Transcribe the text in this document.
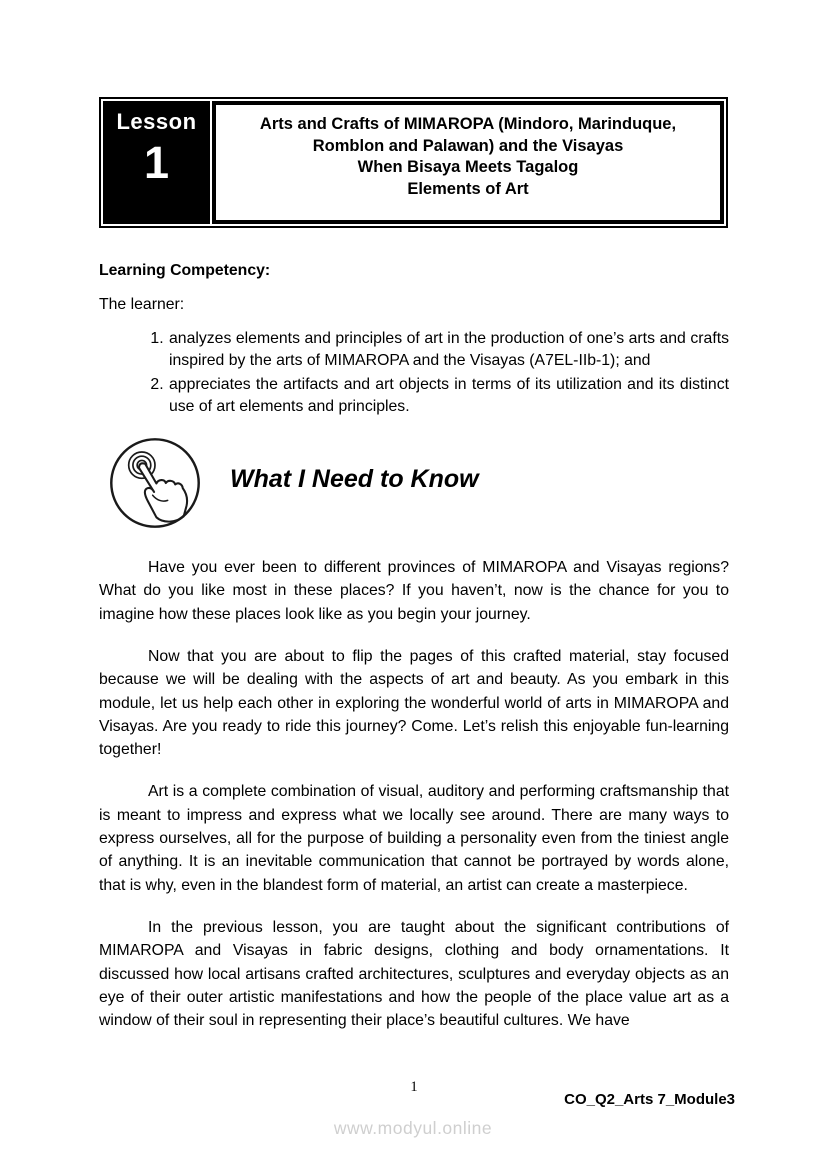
Lesson
1
Arts and Crafts of MIMAROPA (Mindoro, Marinduque,
Romblon and Palawan) and the Visayas
When Bisaya Meets Tagalog
Elements of Art
Learning Competency:
The learner:
1. analyzes elements and principles of art in the production of one’s arts and crafts inspired by the arts of MIMAROPA and the Visayas (A7EL-IIb-1); and
2. appreciates the artifacts and art objects in terms of its utilization and its distinct use of art elements and principles.
What I Need to Know

Have you ever been to different provinces of MIMAROPA and Visayas regions? What do you like most in these places? If you haven’t, now is the chance for you to imagine how these places look like as you begin your journey.

Now that you are about to flip the pages of this crafted material, stay focused because we will be dealing with the aspects of art and beauty. As you embark in this module, let us help each other in exploring the wonderful world of arts in MIMAROPA and Visayas. Are you ready to ride this journey? Come. Let’s relish this enjoyable fun-learning together!

Art is a complete combination of visual, auditory and performing craftsmanship that is meant to impress and express what we locally see around. There are many ways to express ourselves, all for the purpose of building a personality even from the tiniest angle of anything. It is an inevitable communication that cannot be portrayed by words alone, that is why, even in the blandest form of material, an artist can create a masterpiece.

In the previous lesson, you are taught about the significant contributions of MIMAROPA and Visayas in fabric designs, clothing and body ornamentations. It discussed how local artisans crafted architectures, sculptures and everyday objects as an eye of their outer artistic manifestations and how the people of the place value art as a window of their soul in representing their place’s beautiful cultures. We have

1
CO_Q2_Arts 7_Module3
www.modyul.online
